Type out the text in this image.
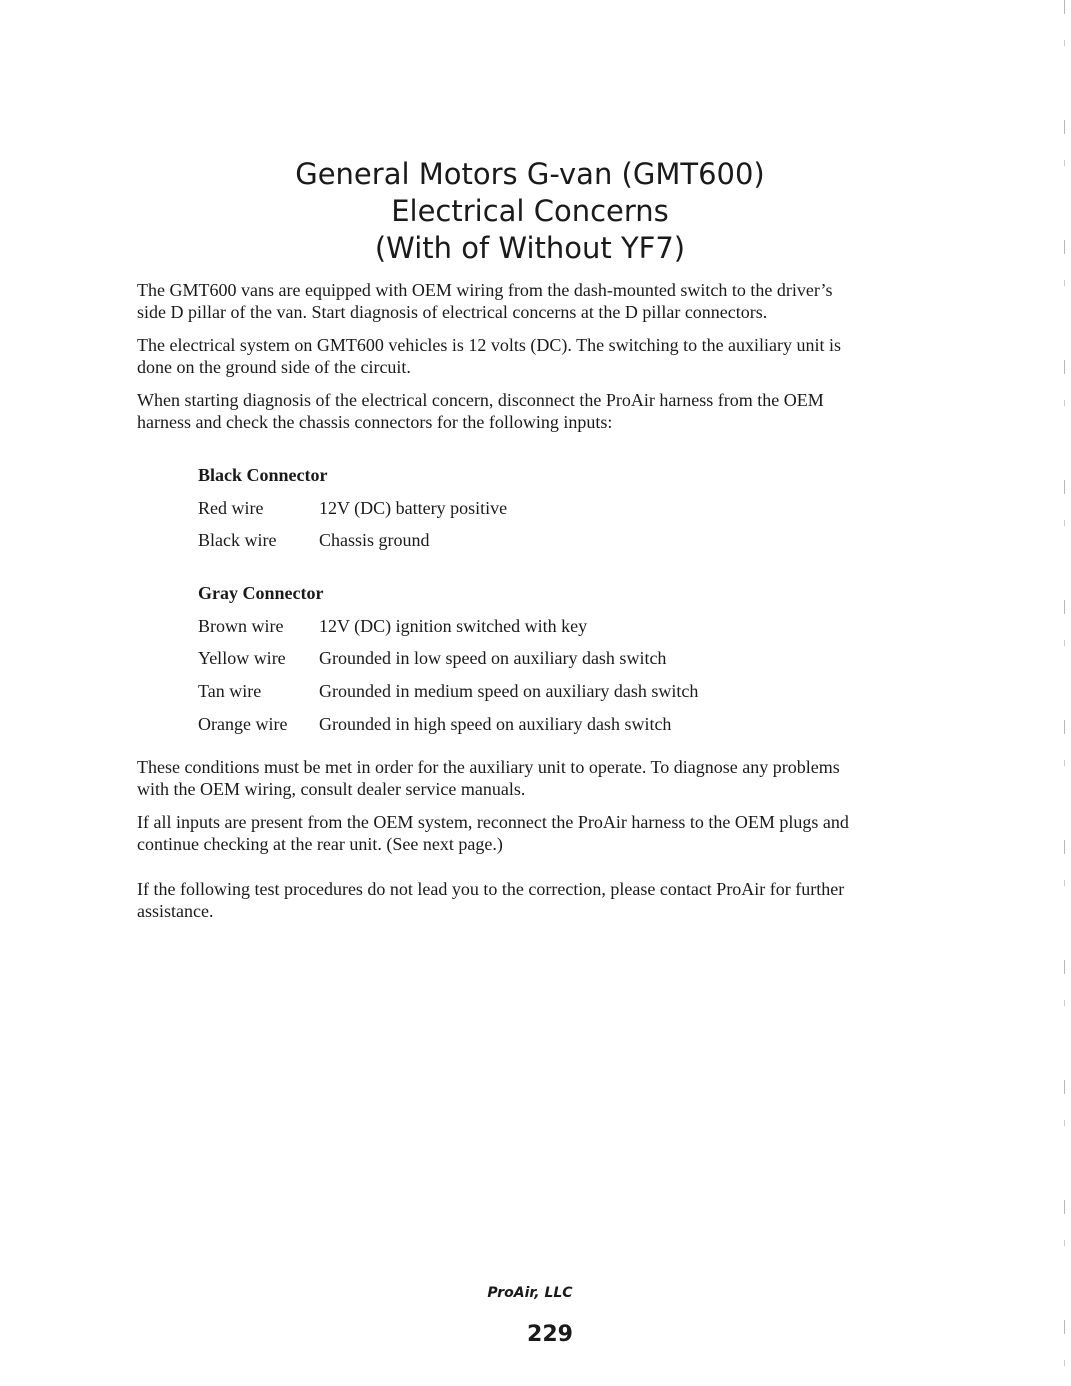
General Motors G-van (GMT600)
Electrical Concerns
(With of Without YF7)
The GMT600 vans are equipped with OEM wiring from the dash-mounted switch to the driver’s
side D pillar of the van. Start diagnosis of electrical concerns at the D pillar connectors.
The electrical system on GMT600 vehicles is 12 volts (DC). The switching to the auxiliary unit is
done on the ground side of the circuit.
When starting diagnosis of the electrical concern, disconnect the ProAir harness from the OEM
harness and check the chassis connectors for the following inputs:
Black Connector
Red wire	12V (DC) battery positive
Black wire Chassis ground
Gray Connector
Brown wire 12V (DC) ignition switched with key
Yellow wire Grounded in low speed on auxiliary dash switch
Tan wire	Grounded in medium speed on auxiliary dash switch
Orange wire Grounded in high speed on auxiliary dash switch
These conditions must be met in order for the auxiliary unit to operate. To diagnose any problems
with the OEM wiring, consult dealer service manuals.
If all inputs are present from the OEM system, reconnect the ProAir harness to the OEM plugs and
continue checking at the rear unit. (See next page.)
If the following test procedures do not lead you to the correction, please contact ProAir for further
assistance.
ProAir, LLC
229
